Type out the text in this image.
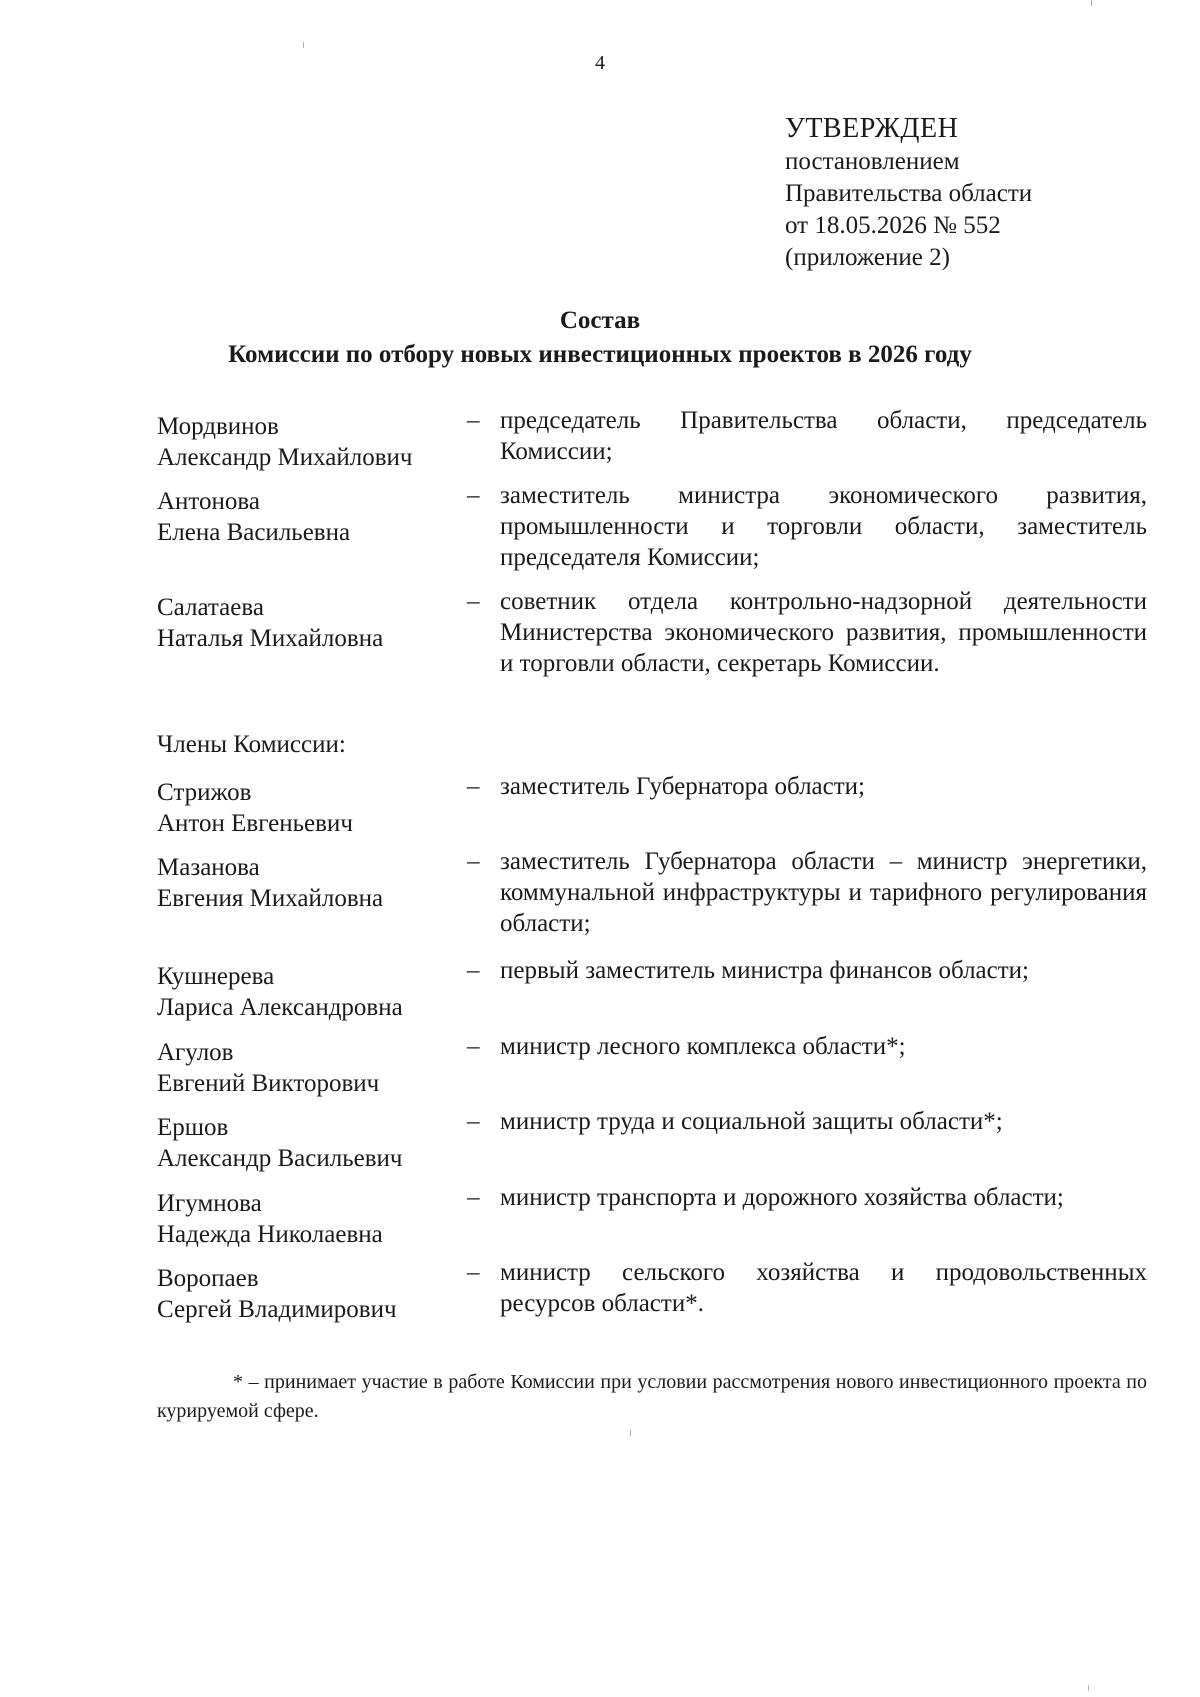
4
УТВЕРЖДЕН
постановлением
Правительства области
от 18.05.2026 № 552
(приложение 2)
Состав
Комиссии по отбору новых инвестиционных проектов в 2026 году
Мордвинов
Александр Михайлович
– председатель Правительства области, председатель Комиссии;
Антонова
Елена Васильевна
– заместитель министра экономического развития, промышленности и торговли области, заместитель председателя Комиссии;
Салатаева
Наталья Михайловна
– советник отдела контрольно-надзорной деятельности Министерства экономического развития, промышленности и торговли области, секретарь Комиссии.
Члены Комиссии:
Стрижов
Антон Евгеньевич
– заместитель Губернатора области;
Мазанова
Евгения Михайловна
– заместитель Губернатора области – министр энергетики, коммунальной инфраструктуры и тарифного регулирования области;
Кушнерева
Лариса Александровна
– первый заместитель министра финансов области;
Агулов
Евгений Викторович
– министр лесного комплекса области*;
Ершов
Александр Васильевич
– министр труда и социальной защиты области*;
Игумнова
Надежда Николаевна
– министр транспорта и дорожного хозяйства области;
Воропаев
Сергей Владимирович
– министр сельского хозяйства и продовольственных ресурсов области*.
* – принимает участие в работе Комиссии при условии рассмотрения нового инвестиционного проекта по курируемой сфере.
